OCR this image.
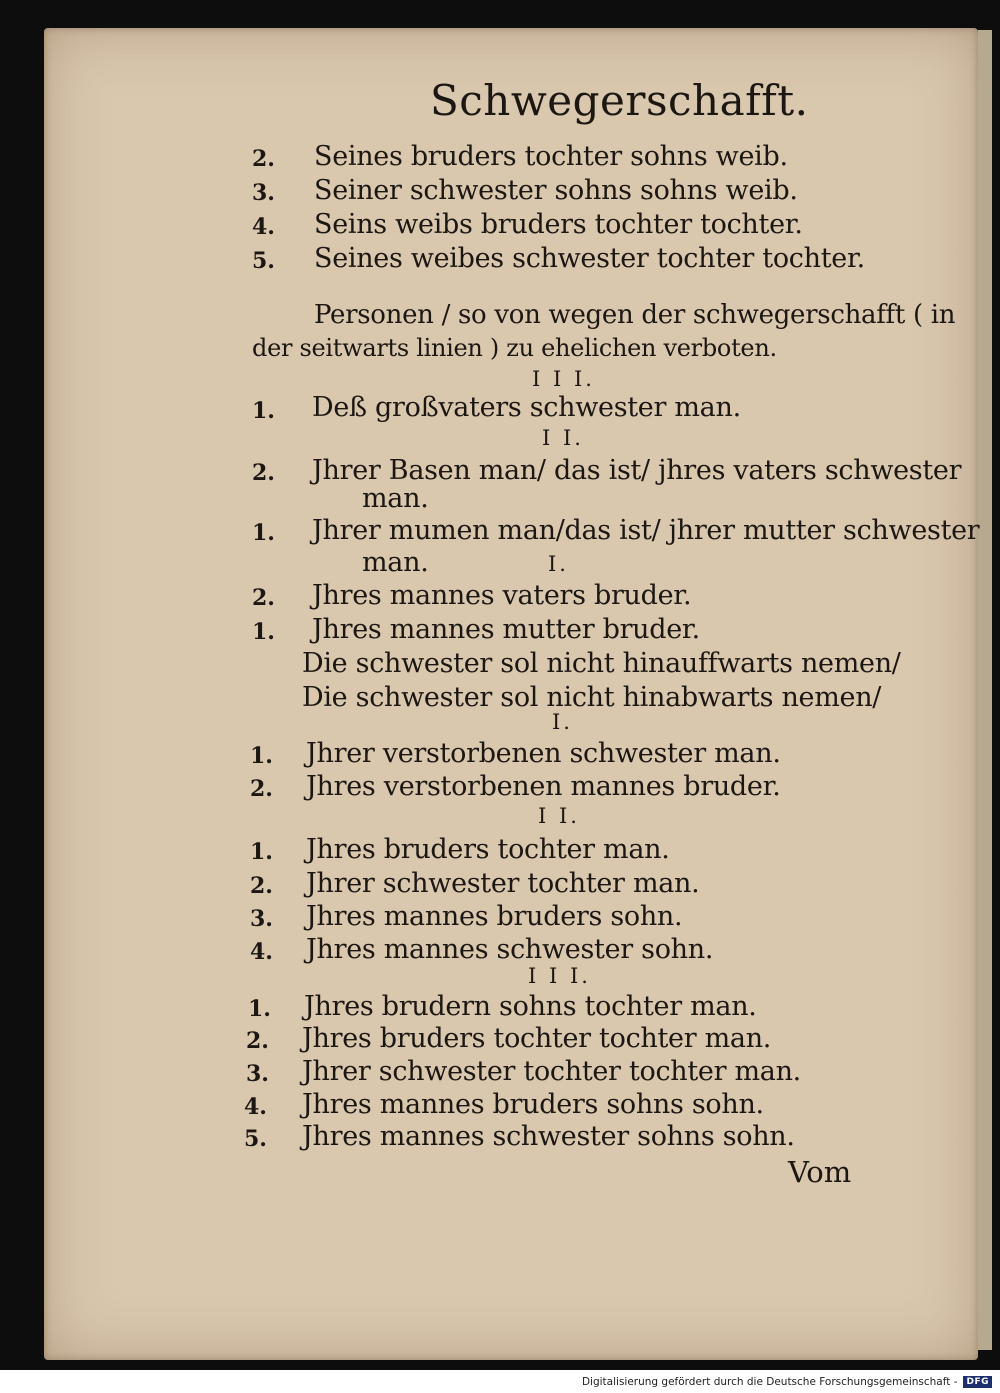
Schwegerschafft.
2. Seines bruders tochter sohns weib.
3. Seiner schwester sohns sohns weib.
4. Seins weibs bruders tochter tochter.
5. Seines weibes schwester tochter tochter.
Personen / so von wegen der schwegerschafft ( in
der seitwarts linien ) zu ehelichen verboten.
I I I.
1. Deß großvaters schwester man.
I I.
2. Jhrer Basen man/ das ist/ jhres vaters schwester
man.
1. Jhrer mumen man/das ist/ jhrer mutter schwester
man.	I.
2. Jhres mannes vaters bruder.
1. Jhres mannes mutter bruder.
Die schwester sol nicht hinauffwarts nemen/
Die schwester sol nicht hinabwarts nemen/
I.
1. Jhrer verstorbenen schwester man.
2. Jhres verstorbenen mannes bruder.
I I.
1. Jhres bruders tochter man.
2. Jhrer schwester tochter man.
3. Jhres mannes bruders sohn.
4. Jhres mannes schwester sohn.
I I I.
1. Jhres brudern sohns tochter man.
2. Jhres bruders tochter tochter man.
3. Jhrer schwester tochter tochter man.
4. Jhres mannes bruders sohns sohn.
5. Jhres mannes schwester sohns sohn.
Vom
Digitalisierung gefördert durch die Deutsche Forschungsgemeinschaft -	DFG
